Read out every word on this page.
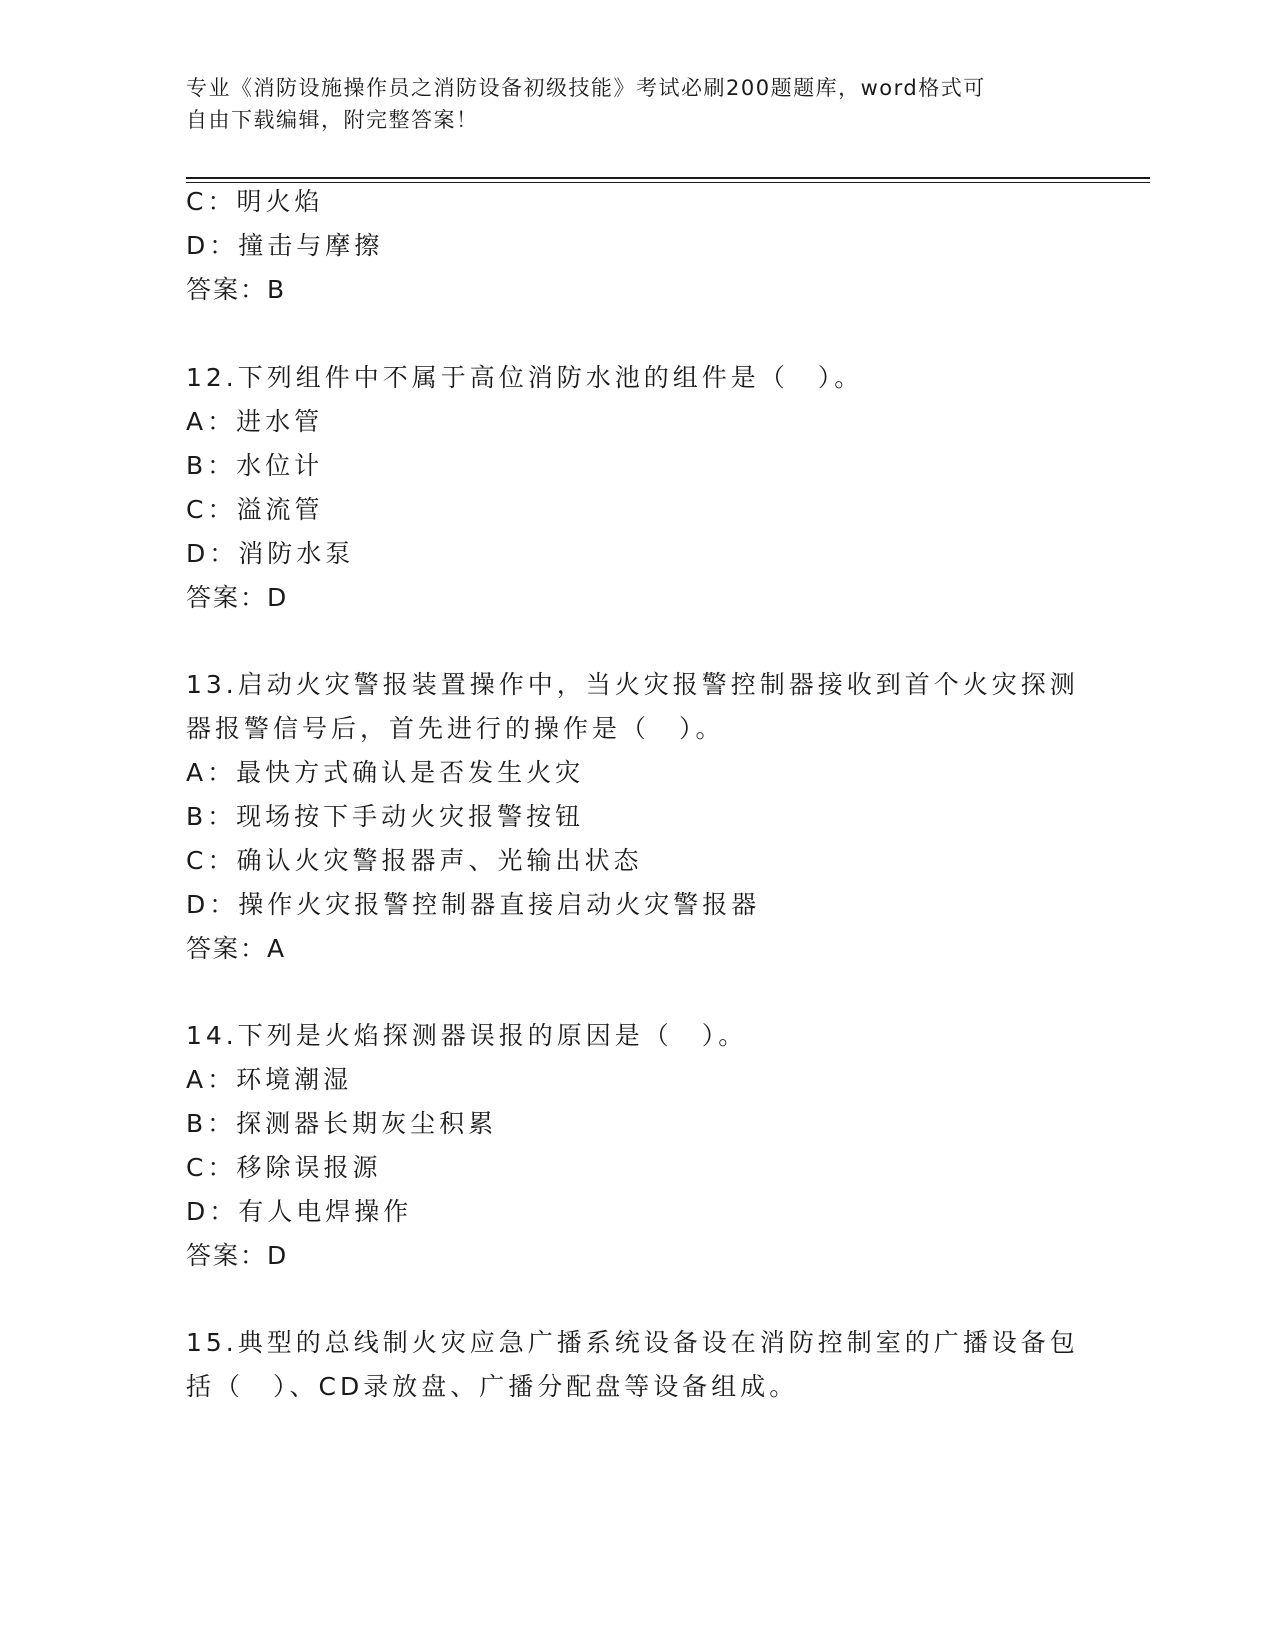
专业《消防设施操作员之消防设备初级技能》考试必刷200题题库，word格式可
自由下载编辑，附完整答案！
C：明火焰
D：撞击与摩擦
答案：B
12.下列组件中不属于高位消防水池的组件是（　）。
A：进水管
B：水位计
C：溢流管
D：消防水泵
答案：D
13.启动火灾警报装置操作中，当火灾报警控制器接收到首个火灾探测
器报警信号后，首先进行的操作是（　）。
A：最快方式确认是否发生火灾
B：现场按下手动火灾报警按钮
C：确认火灾警报器声、光输出状态
D：操作火灾报警控制器直接启动火灾警报器
答案：A
14.下列是火焰探测器误报的原因是（　）。
A：环境潮湿
B：探测器长期灰尘积累
C：移除误报源
D：有人电焊操作
答案：D
15.典型的总线制火灾应急广播系统设备设在消防控制室的广播设备包
括（　）、CD录放盘、广播分配盘等设备组成。
